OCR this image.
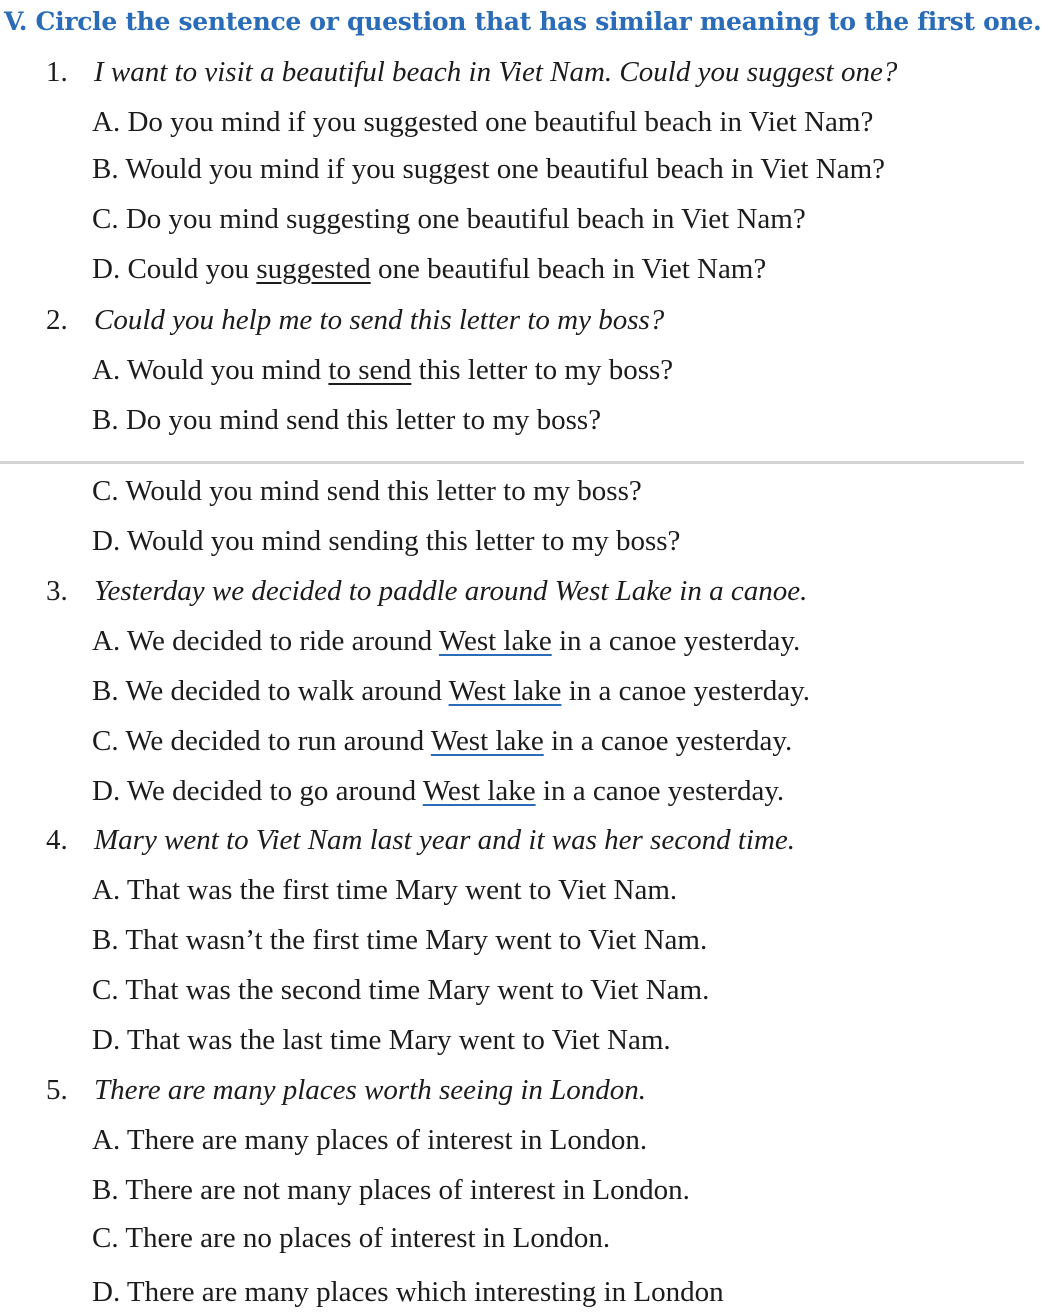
V. Circle the sentence or question that has similar meaning to the first one.
1. I want to visit a beautiful beach in Viet Nam. Could you suggest one?
A. Do you mind if you suggested one beautiful beach in Viet Nam?
B. Would you mind if you suggest one beautiful beach in Viet Nam?
C. Do you mind suggesting one beautiful beach in Viet Nam?
D. Could you suggested one beautiful beach in Viet Nam?
2. Could you help me to send this letter to my boss?
A. Would you mind to send this letter to my boss?
B. Do you mind send this letter to my boss?
C. Would you mind send this letter to my boss?
D. Would you mind sending this letter to my boss?
3. Yesterday we decided to paddle around West Lake in a canoe.
A. We decided to ride around West lake in a canoe yesterday.
B. We decided to walk around West lake in a canoe yesterday.
C. We decided to run around West lake in a canoe yesterday.
D. We decided to go around West lake in a canoe yesterday.
4. Mary went to Viet Nam last year and it was her second time.
A. That was the first time Mary went to Viet Nam.
B. That wasn’t the first time Mary went to Viet Nam.
C. That was the second time Mary went to Viet Nam.
D. That was the last time Mary went to Viet Nam.
5. There are many places worth seeing in London.
A. There are many places of interest in London.
B. There are not many places of interest in London.
C. There are no places of interest in London.
D. There are many places which interesting in London
